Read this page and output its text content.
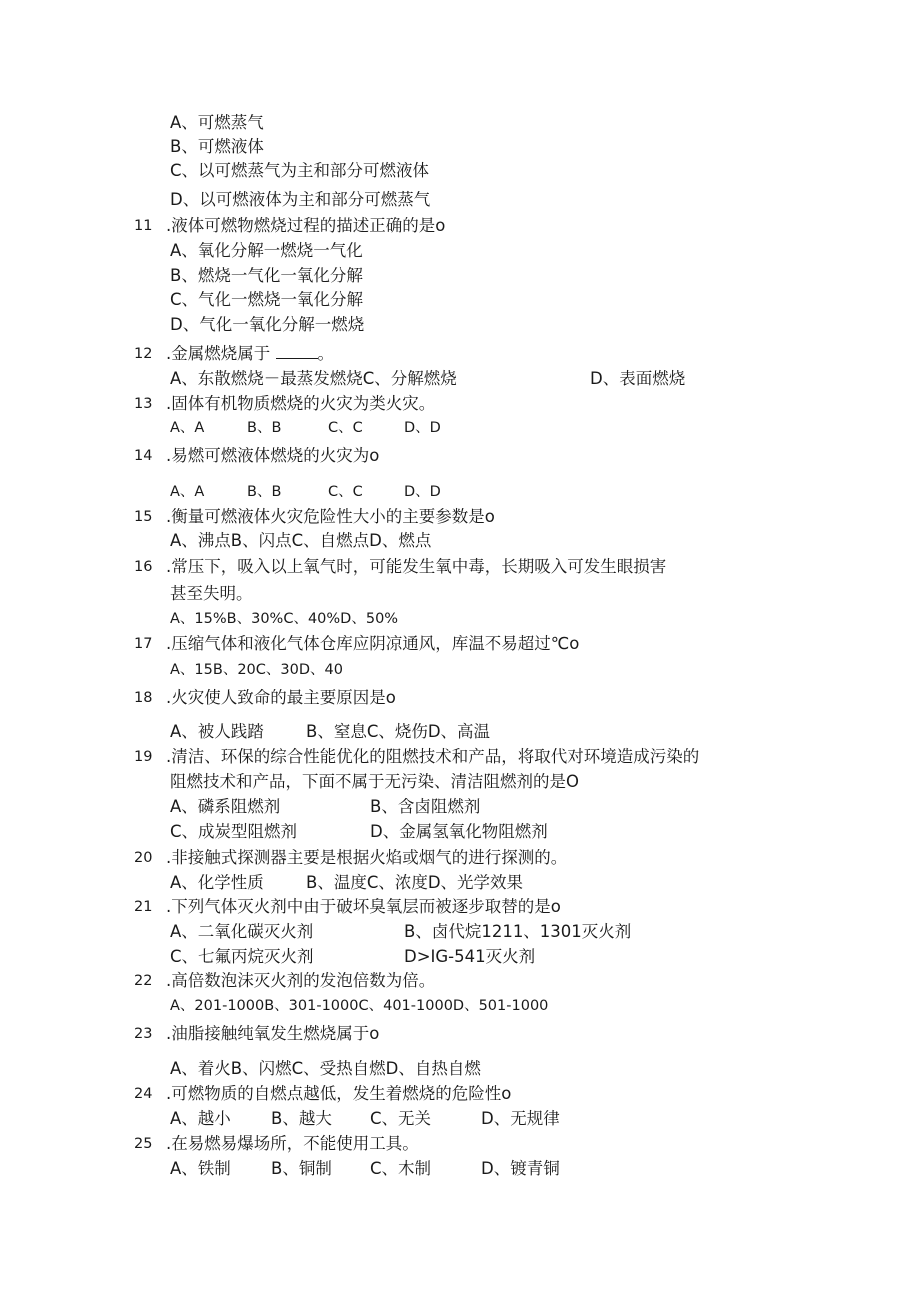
A、可燃蒸气
B、可燃液体
C、以可燃蒸气为主和部分可燃液体
D、以可燃液体为主和部分可燃蒸气
11 .液体可燃物燃烧过程的描述正确的是o
A、氧化分解一燃烧一气化
B、燃烧一气化一氧化分解
C、气化一燃烧一氧化分解
D、气化一氧化分解一燃烧
12 .金属燃烧属于	。
A、东散燃烧－最蒸发燃烧C、分解燃烧	D、表面燃烧
13 .固体有机物质燃烧的火灾为类火灾。
A、A	B、B	C、C	D、D
14 .易燃可燃液体燃烧的火灾为o
A、A	B、B	C、C	D、D
15 .衡量可燃液体火灾危险性大小的主要参数是o
A、沸点B、闪点C、自燃点D、燃点
16 .常压下，吸入以上氧气时，可能发生氧中毒，长期吸入可发生眼损害
甚至失明。
A、15%B、30%C、40%D、50%
17 .压缩气体和液化气体仓库应阴凉通风，库温不易超过℃o
A、15B、20C、30D、40
18 .火灾使人致命的最主要原因是o
A、被人践踏	B、窒息C、烧伤D、高温
19 .清洁、环保的综合性能优化的阻燃技术和产品，将取代对环境造成污染的
阻燃技术和产品，下面不属于无污染、清洁阻燃剂的是O
A、磷系阻燃剂	B、含卤阻燃剂
C、成炭型阻燃剂	D、金属氢氧化物阻燃剂
20 .非接触式探测器主要是根据火焰或烟气的进行探测的。
A、化学性质	B、温度C、浓度D、光学效果
21 .下列气体灭火剂中由于破坏臭氧层而被逐步取替的是o
A、二氧化碳灭火剂	B、卤代烷1211、1301灭火剂
C、七氟丙烷灭火剂	D>IG-541灭火剂
22 .高倍数泡沫灭火剂的发泡倍数为倍。
A、201-1000B、301-1000C、401-1000D、501-1000
23 .油脂接触纯氧发生燃烧属于o
A、着火B、闪燃C、受热自燃D、自热自燃
24 .可燃物质的自燃点越低，发生着燃烧的危险性o
A、越小 B、越大 C、无关	D、无规律
25 .在易燃易爆场所，不能使用工具。
A、铁制 B、铜制 C、木制	D、镀青铜
